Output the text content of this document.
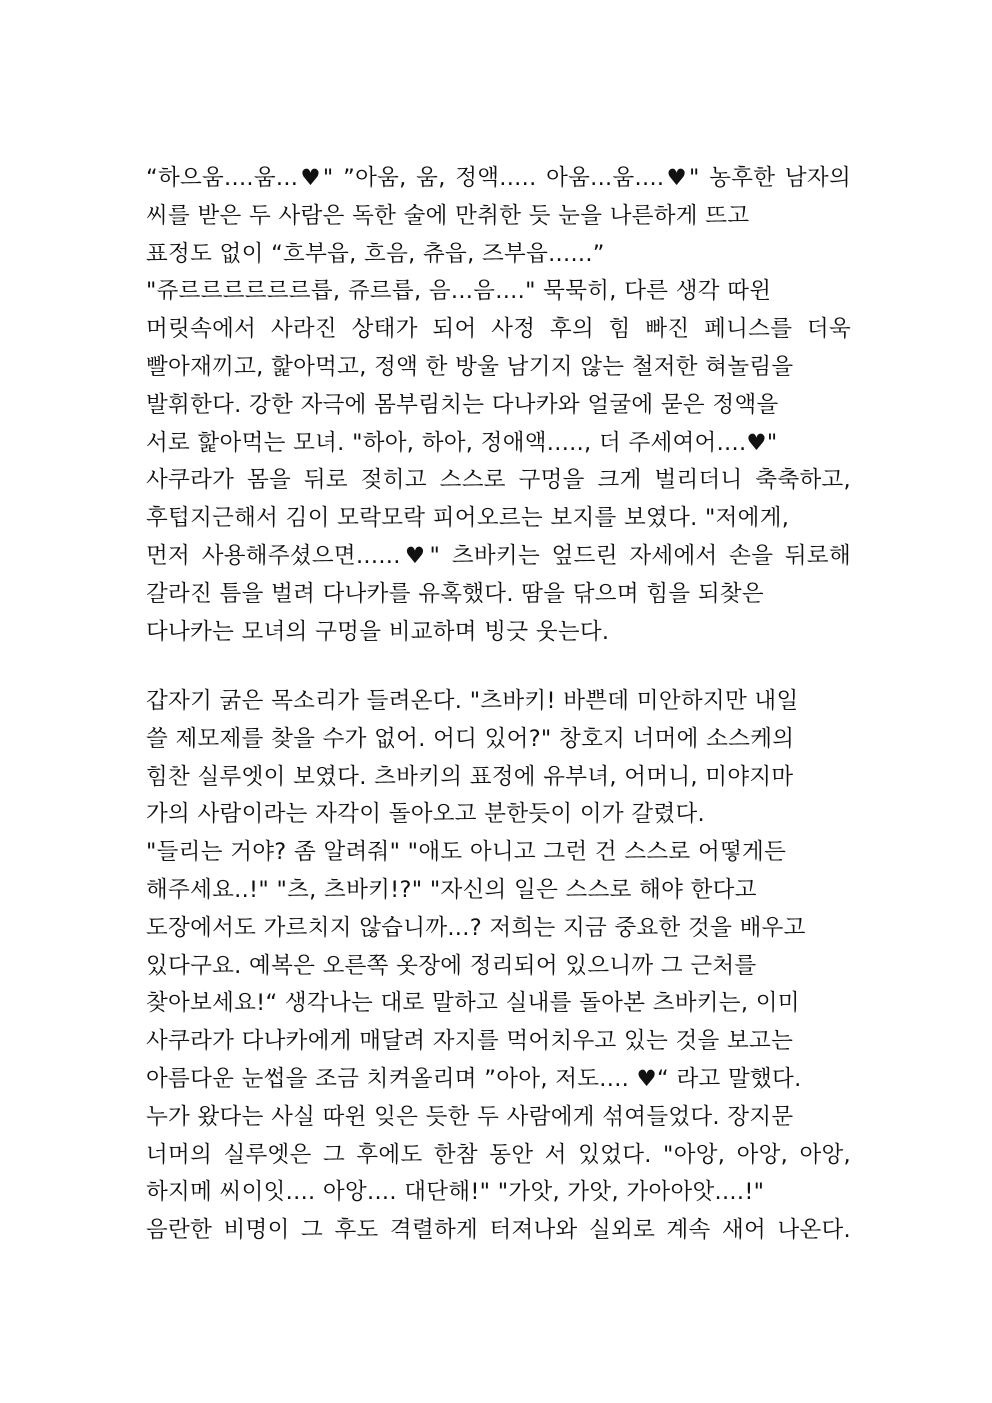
“하으움....움...♥" ”아움, 움, 정액..... 아움...움....♥" 농후한 남자의
씨를 받은 두 사람은 독한 술에 만취한 듯 눈을 나른하게 뜨고
표정도 없이 “흐부읍, 흐음, 츄읍, 즈부읍......”
"쥬르르르르르르릅, 쥬르릅, 음...음...." 묵묵히, 다른 생각 따윈
머릿속에서 사라진 상태가 되어 사정 후의 힘 빠진 페니스를 더욱
빨아재끼고, 핥아먹고, 정액 한 방울 남기지 않는 철저한 혀놀림을
발휘한다. 강한 자극에 몸부림치는 다나카와 얼굴에 묻은 정액을
서로 핥아먹는 모녀. "하아, 하아, 정애액....., 더 주세여어....♥"
사쿠라가 몸을 뒤로 젖히고 스스로 구멍을 크게 벌리더니 축축하고,
후텁지근해서 김이 모락모락 피어오르는 보지를 보였다. "저에게,
먼저 사용해주셨으면......♥" 츠바키는 엎드린 자세에서 손을 뒤로해
갈라진 틈을 벌려 다나카를 유혹했다. 땀을 닦으며 힘을 되찾은
다나카는 모녀의 구멍을 비교하며 빙긋 웃는다.
갑자기 굵은 목소리가 들려온다. "츠바키! 바쁜데 미안하지만 내일
쓸 제모제를 찾을 수가 없어. 어디 있어?" 창호지 너머에 소스케의
힘찬 실루엣이 보였다. 츠바키의 표정에 유부녀, 어머니, 미야지마
가의 사람이라는 자각이 돌아오고 분한듯이 이가 갈렸다.
"들리는 거야? 좀 알려줘" "애도 아니고 그런 건 스스로 어떻게든
해주세요..!" "츠, 츠바키!?" "자신의 일은 스스로 해야 한다고
도장에서도 가르치지 않습니까...? 저희는 지금 중요한 것을 배우고
있다구요. 예복은 오른쪽 옷장에 정리되어 있으니까 그 근처를
찾아보세요!“ 생각나는 대로 말하고 실내를 돌아본 츠바키는, 이미
사쿠라가 다나카에게 매달려 자지를 먹어치우고 있는 것을 보고는
아름다운 눈썹을 조금 치켜올리며 ”아아, 저도.... ♥“ 라고 말했다.
누가 왔다는 사실 따윈 잊은 듯한 두 사람에게 섞여들었다. 장지문
너머의 실루엣은 그 후에도 한참 동안 서 있었다. "아앙, 아앙, 아앙,
하지메 씨이잇.... 아앙.... 대단해!" "가앗, 가앗, 가아아앗....!"
음란한 비명이 그 후도 격렬하게 터져나와 실외로 계속 새어 나온다.
